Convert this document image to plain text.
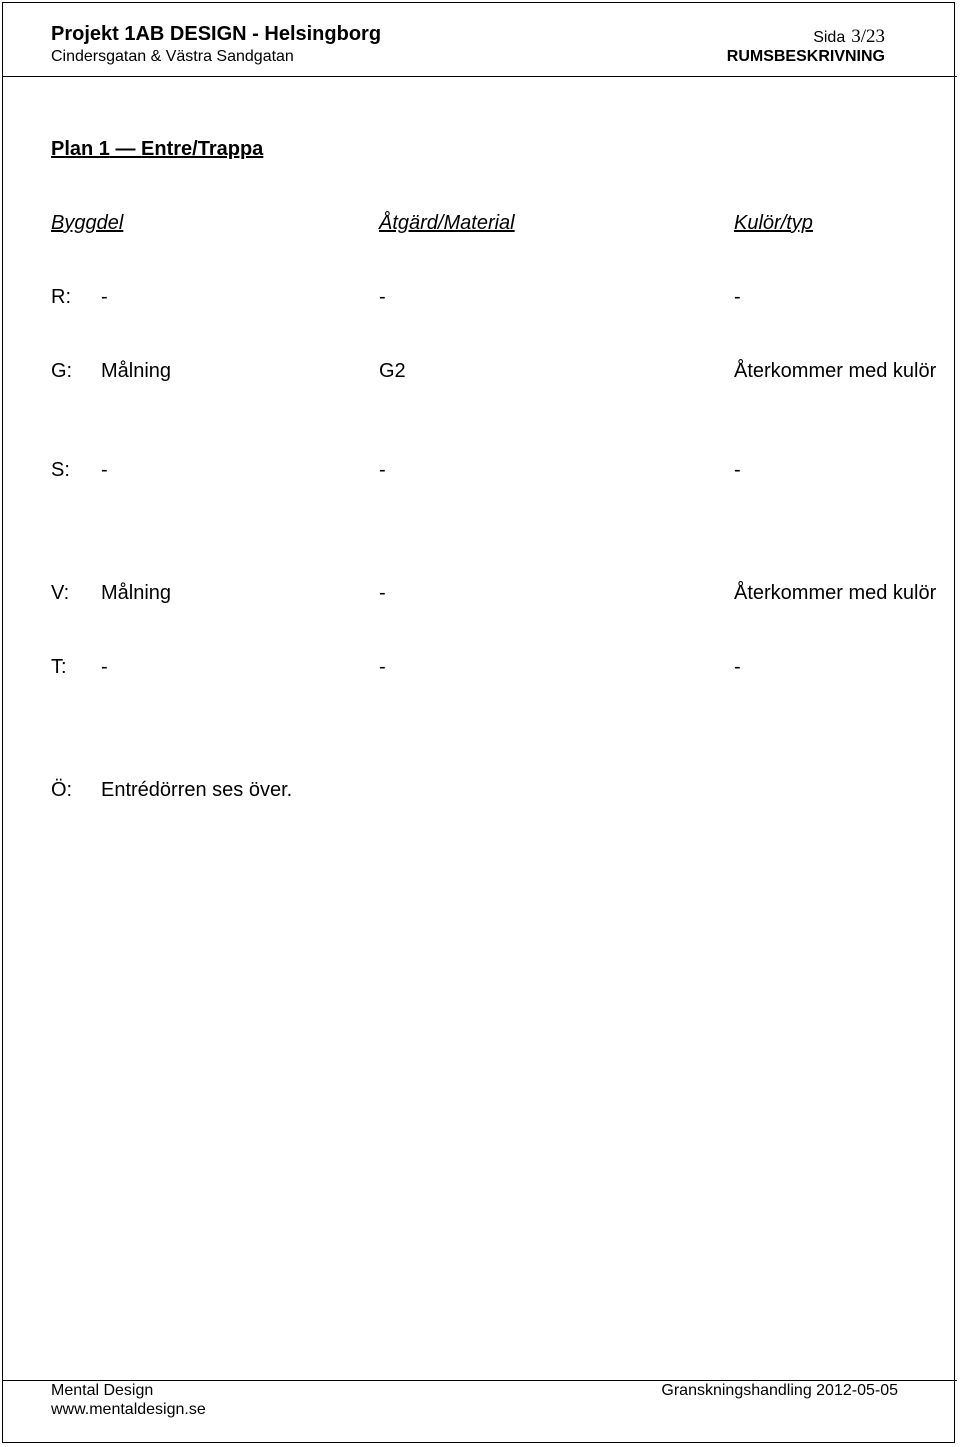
Projekt 1AB DESIGN - Helsingborg
Cindersgatan & Västra Sandgatan
Sida 3/23
RUMSBESKRIVNING
Plan 1 — Entre/Trappa
Byggdel	Åtgärd/Material	Kulör/typ
R: -	-	-
G: Målning	G2	Återkommer med kulör
S: -	-	-
V: Målning	-	Återkommer med kulör
T: -	-	-
Ö: Entrédörren ses över.
Mental Design
www.mentaldesign.se
Granskningshandling 2012-05-05
